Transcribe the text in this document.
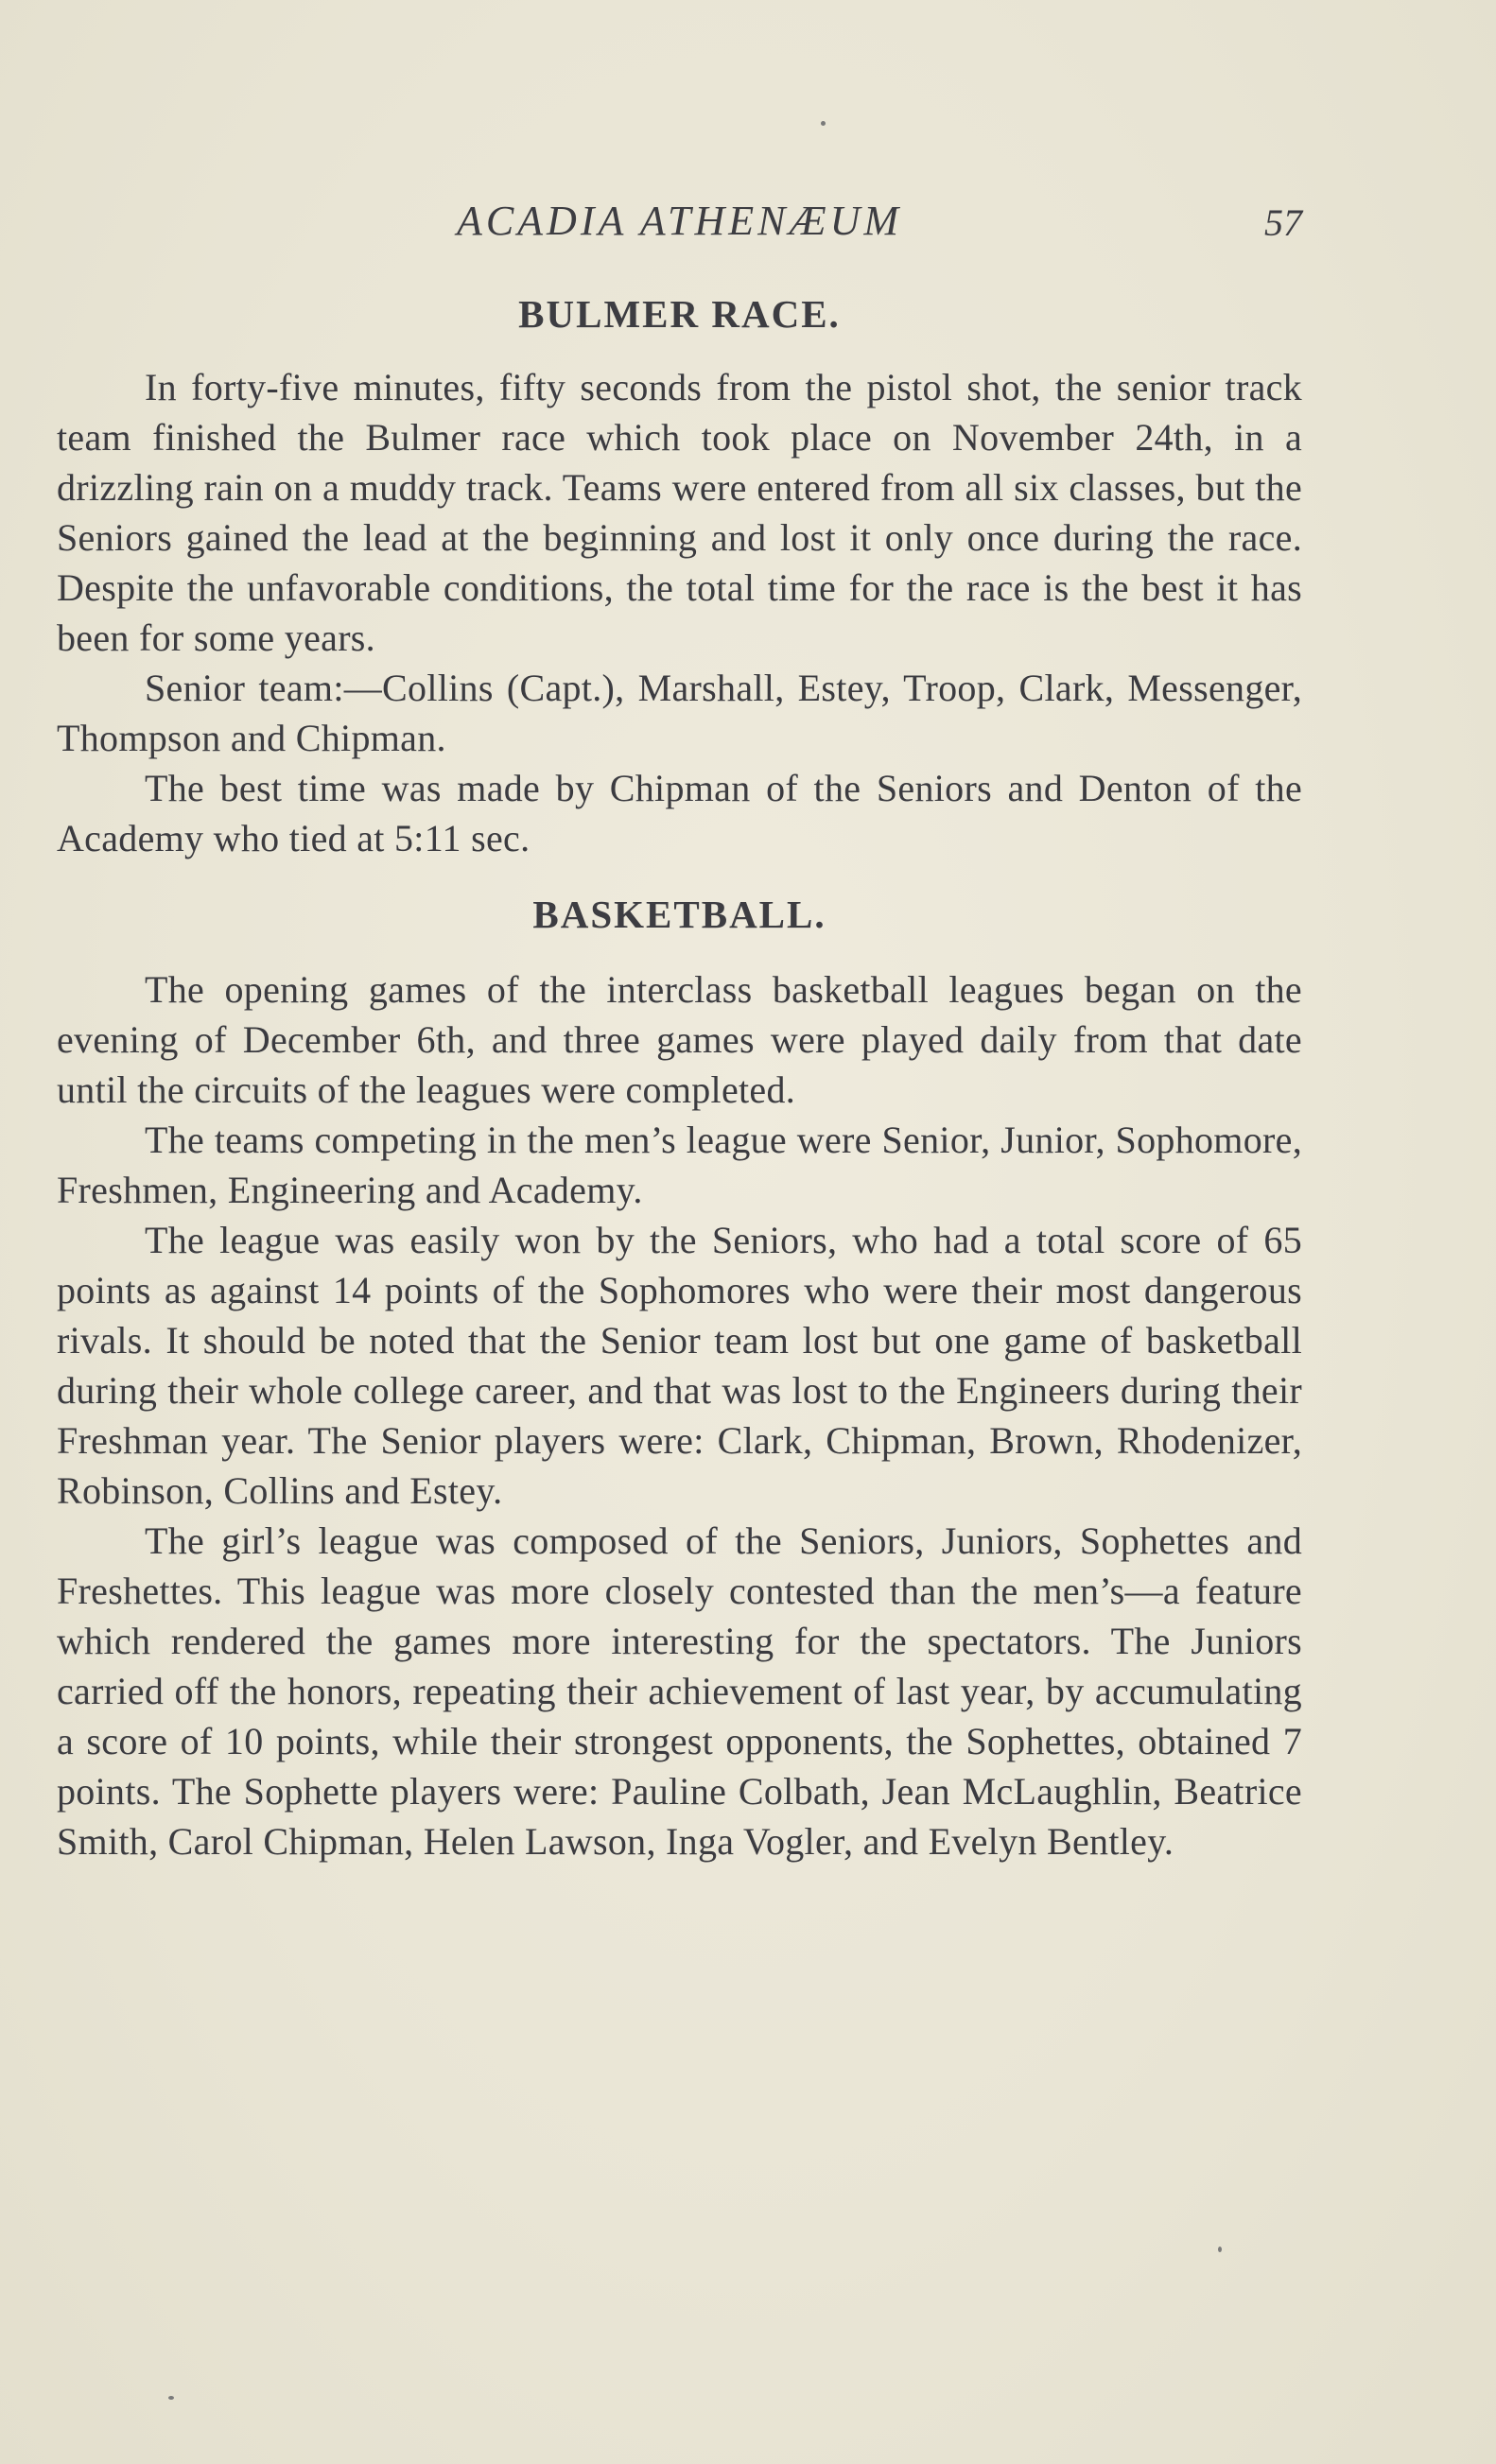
ACADIA ATHENÆUM	57
BULMER RACE.

In forty-five minutes, fifty seconds from the pistol shot, the senior track team finished the Bulmer race which took place on November 24th, in a drizzling rain on a muddy track. Teams were entered from all six classes, but the Seniors gained the lead at the beginning and lost it only once during the race. Despite the unfavorable conditions, the total time for the race is the best it has been for some years.

Senior team:—Collins (Capt.), Marshall, Estey, Troop, Clark, Messenger, Thompson and Chipman.

The best time was made by Chipman of the Seniors and Denton of the Academy who tied at 5:11 sec.

BASKETBALL.

The opening games of the interclass basketball leagues began on the evening of December 6th, and three games were played daily from that date until the circuits of the leagues were completed.

The teams competing in the men’s league were Senior, Junior, Sophomore, Freshmen, Engineering and Academy.

The league was easily won by the Seniors, who had a total score of 65 points as against 14 points of the Sophomores who were their most dangerous rivals. It should be noted that the Senior team lost but one game of basketball during their whole college career, and that was lost to the Engineers during their Freshman year. The Senior players were: Clark, Chipman, Brown, Rhodenizer, Robinson, Collins and Estey.

The girl’s league was composed of the Seniors, Juniors, Sophettes and Freshettes. This league was more closely contested than the men’s—a feature which rendered the games more interesting for the spectators. The Juniors carried off the honors, repeating their achievement of last year, by accumulating a score of 10 points, while their strongest opponents, the Sophettes, obtained 7 points. The Sophette players were: Pauline Colbath, Jean McLaughlin, Beatrice Smith, Carol Chipman, Helen Lawson, Inga Vogler, and Evelyn Bentley.
